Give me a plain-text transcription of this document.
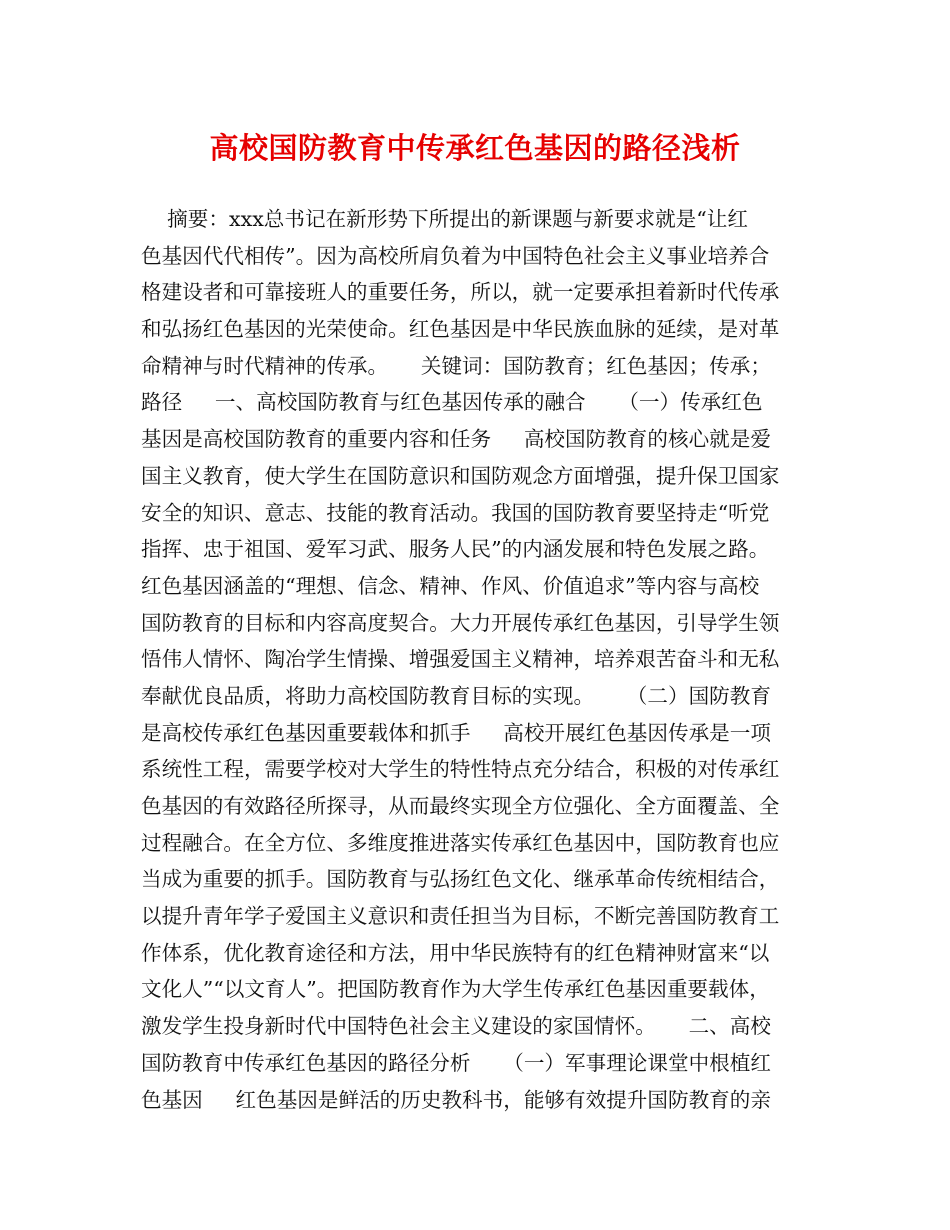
高校国防教育中传承红色基因的路径浅析
摘要：xxx总书记在新形势下所提出的新课题与新要求就是“让红
色基因代代相传”。因为高校所肩负着为中国特色社会主义事业培养合
格建设者和可靠接班人的重要任务，所以，就一定要承担着新时代传承
和弘扬红色基因的光荣使命。红色基因是中华民族血脉的延续，是对革
命精神与时代精神的传承。     关键词：国防教育；红色基因；传承；
路径     一、高校国防教育与红色基因传承的融合     （一）传承红色
基因是高校国防教育的重要内容和任务     高校国防教育的核心就是爱
国主义教育，使大学生在国防意识和国防观念方面增强，提升保卫国家
安全的知识、意志、技能的教育活动。我国的国防教育要坚持走“听党
指挥、忠于祖国、爱军习武、服务人民”的内涵发展和特色发展之路。
红色基因涵盖的“理想、信念、精神、作风、价值追求”等内容与高校
国防教育的目标和内容高度契合。大力开展传承红色基因，引导学生领
悟伟人情怀、陶冶学生情操、增强爱国主义精神，培养艰苦奋斗和无私
奉献优良品质，将助力高校国防教育目标的实现。     （二）国防教育
是高校传承红色基因重要载体和抓手     高校开展红色基因传承是一项
系统性工程，需要学校对大学生的特性特点充分结合，积极的对传承红
色基因的有效路径所探寻，从而最终实现全方位强化、全方面覆盖、全
过程融合。在全方位、多维度推进落实传承红色基因中，国防教育也应
当成为重要的抓手。国防教育与弘扬红色文化、继承革命传统相结合，
以提升青年学子爱国主义意识和责任担当为目标，不断完善国防教育工
作体系，优化教育途径和方法，用中华民族特有的红色精神财富来“以
文化人”“以文育人”。把国防教育作为大学生传承红色基因重要载体，
激发学生投身新时代中国特色社会主义建设的家国情怀。     二、高校
国防教育中传承红色基因的路径分析     （一）军事理论课堂中根植红
色基因     红色基因是鲜活的历史教科书，能够有效提升国防教育的亲
